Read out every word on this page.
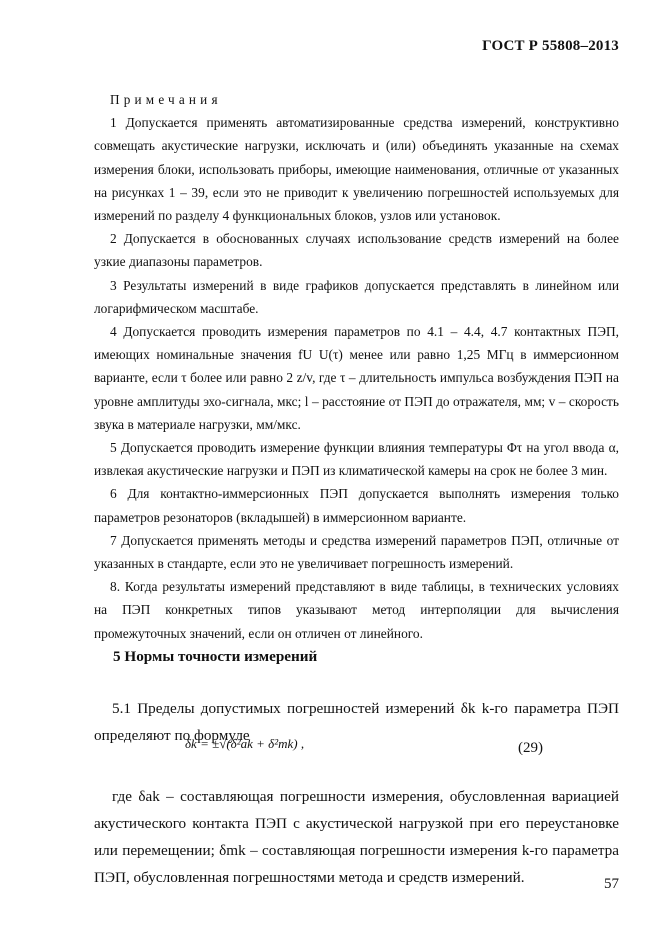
ГОСТ Р 55808–2013
Примечания

1 Допускается применять автоматизированные средства измерений, конструктивно совмещать акустические нагрузки, исключать и (или) объединять указанные на схемах измерения блоки, использовать приборы, имеющие наименования, отличные от указанных на рисунках 1 – 39, если это не приводит к увеличению погрешностей используемых для измерений по разделу 4 функциональных блоков, узлов или установок.

2 Допускается в обоснованных случаях использование средств измерений на более узкие диапазоны параметров.

3 Результаты измерений в виде графиков допускается представлять в линейном или логарифмическом масштабе.

4 Допускается проводить измерения параметров по 4.1 – 4.4, 4.7 контактных ПЭП, имеющих номинальные значения fU U(τ) менее или равно 1,25 МГц в иммерсионном варианте, если τ более или равно 2 z/v, где τ – длительность импульса возбуждения ПЭП на уровне амплитуды эхо-сигнала, мкс; l – расстояние от ПЭП до отражателя, мм; v – скорость звука в материале нагрузки, мм/мкс.

5 Допускается проводить измерение функции влияния температуры Φτ на угол ввода α, извлекая акустические нагрузки и ПЭП из климатической камеры на срок не более 3 мин.

6 Для контактно-иммерсионных ПЭП допускается выполнять измерения только параметров резонаторов (вкладышей) в иммерсионном варианте.

7 Допускается применять методы и средства измерений параметров ПЭП, отличные от указанных в стандарте, если это не увеличивает погрешность измерений.

8. Когда результаты измерений представляют в виде таблицы, в технических условиях на ПЭП конкретных типов указывают метод интерполяции для вычисления промежуточных значений, если он отличен от линейного.

5 Нормы точности измерений

5.1 Пределы допустимых погрешностей измерений δk k-го параметра ПЭП определяют по формуле

δk = ±√(δ²ak + δ²mk) ,	(29)

где δak – составляющая погрешности измерения, обусловленная вариацией акустического контакта ПЭП с акустической нагрузкой при его переустановке или перемещении; δmk – составляющая погрешности измерения k-го параметра ПЭП, обусловленная погрешностями метода и средств измерений.	57
